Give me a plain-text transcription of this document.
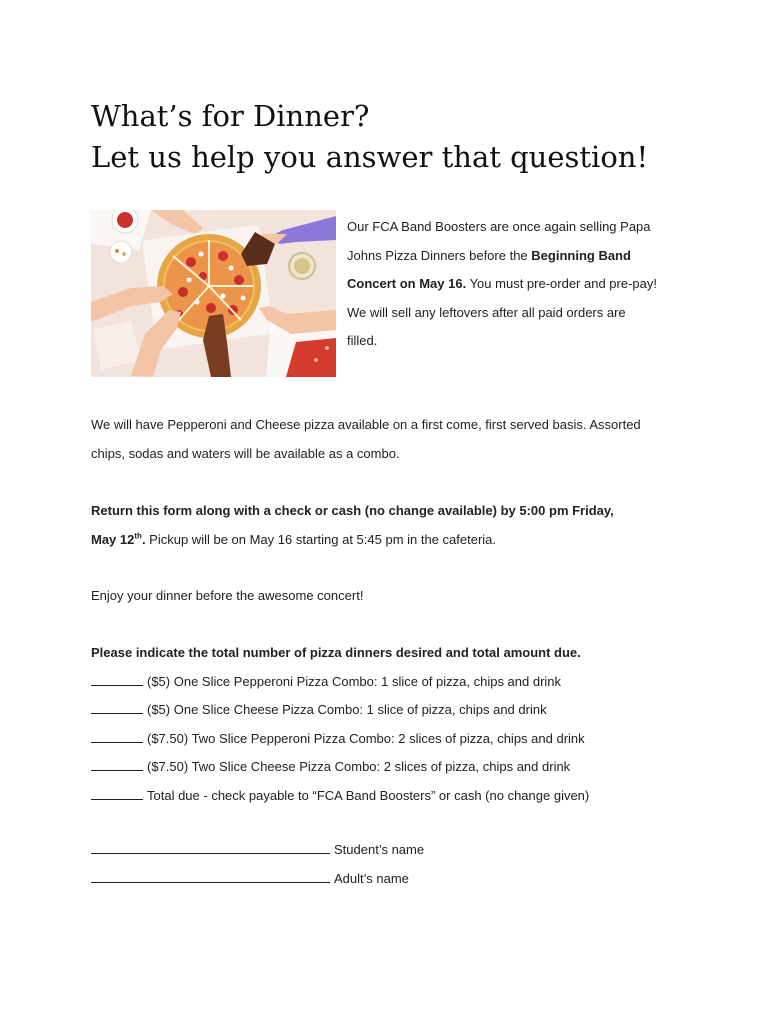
What’s for Dinner?
Let us help you answer that question!
Our FCA Band Boosters are once again selling Papa
Johns Pizza Dinners before the Beginning Band
Concert on May 16. You must pre-order and pre-pay!
We will sell any leftovers after all paid orders are
filled.
We will have Pepperoni and Cheese pizza available on a first come, first served basis. Assorted
chips, sodas and waters will be available as a combo.
Return this form along with a check or cash (no change available) by 5:00 pm Friday,
May 12th. Pickup will be on May 16 starting at 5:45 pm in the cafeteria.
Enjoy your dinner before the awesome concert!
Please indicate the total number of pizza dinners desired and total amount due.
($5) One Slice Pepperoni Pizza Combo: 1 slice of pizza, chips and drink
($5) One Slice Cheese Pizza Combo: 1 slice of pizza, chips and drink
($7.50) Two Slice Pepperoni Pizza Combo: 2 slices of pizza, chips and drink
($7.50) Two Slice Cheese Pizza Combo: 2 slices of pizza, chips and drink
Total due - check payable to “FCA Band Boosters” or cash (no change given)
Student’s name
Adult’s name
